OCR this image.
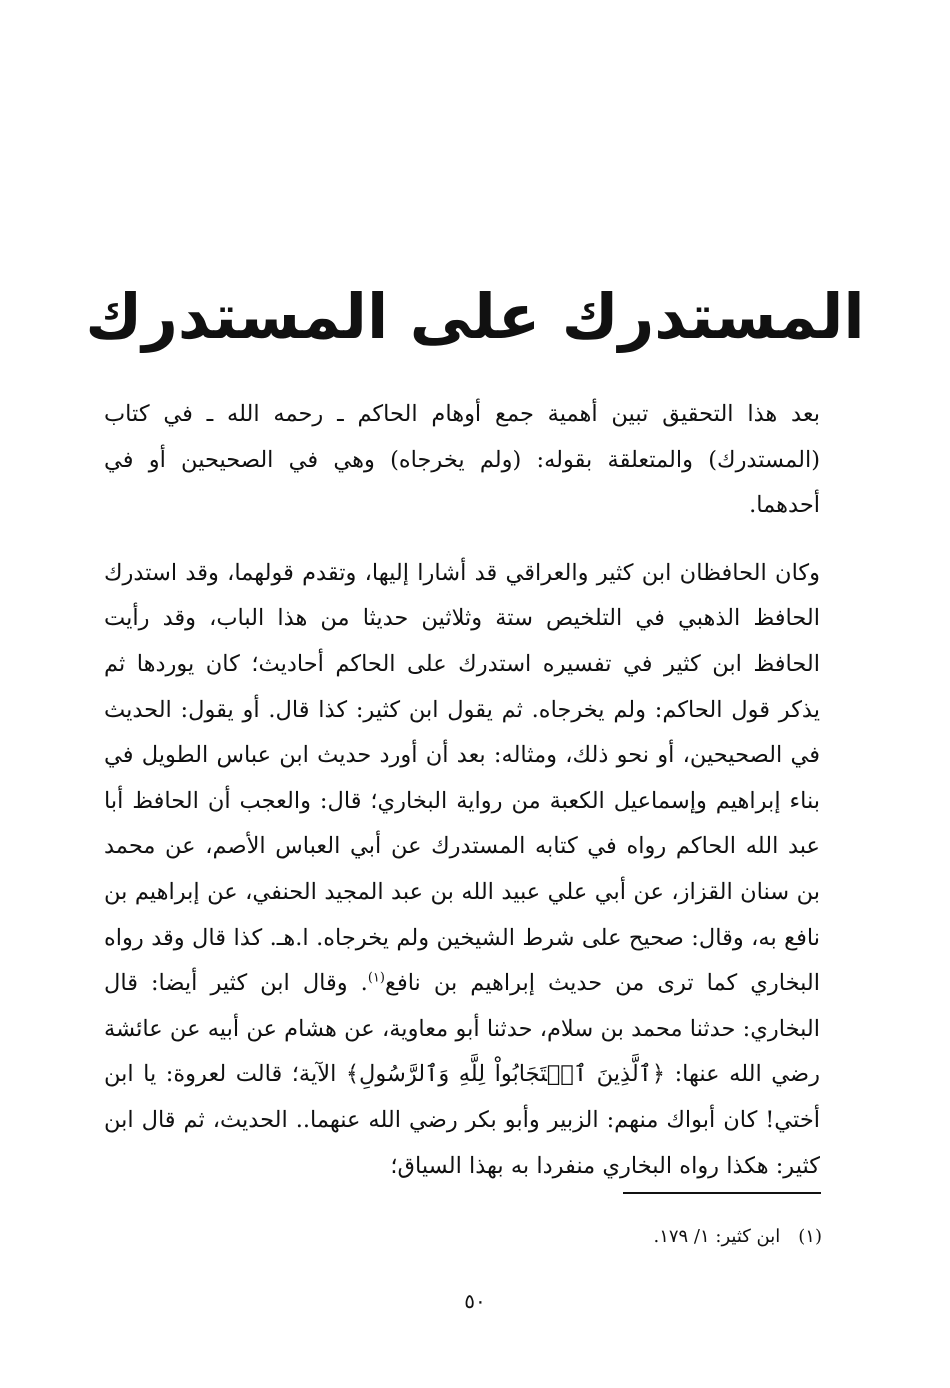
المستدرك على المستدرك

بعد هذا التحقيق تبين أهمية جمع أوهام الحاكم ـ رحمه الله ـ في كتاب (المستدرك) والمتعلقة بقوله: (ولم يخرجاه) وهي في الصحيحين أو في أحدهما.

وكان الحافظان ابن كثير والعراقي قد أشارا إليها، وتقدم قولهما، وقد استدرك الحافظ الذهبي في التلخيص ستة وثلاثين حديثا من هذا الباب، وقد رأيت الحافظ ابن كثير في تفسيره استدرك على الحاكم أحاديث؛ كان يوردها ثم يذكر قول الحاكم: ولم يخرجاه. ثم يقول ابن كثير: كذا قال. أو يقول: الحديث في الصحيحين، أو نحو ذلك، ومثاله: بعد أن أورد حديث ابن عباس الطويل في بناء إبراهيم وإسماعيل الكعبة من رواية البخاري؛ قال: والعجب أن الحافظ أبا عبد الله الحاكم رواه في كتابه المستدرك عن أبي العباس الأصم، عن محمد بن سنان القزاز، عن أبي علي عبيد الله بن عبد المجيد الحنفي، عن إبراهيم بن نافع به، وقال: صحيح على شرط الشيخين ولم يخرجاه. ا.هـ. كذا قال وقد رواه البخاري كما ترى من حديث إبراهيم بن نافع$^{(١)}$. وقال ابن كثير أيضا: قال البخاري: حدثنا محمد بن سلام، حدثنا أبو معاوية، عن هشام عن أبيه عن عائشة رضي الله عنها: ﴿ٱلَّذِينَ ٱسۡتَجَابُواْ لِلَّهِ وَٱلرَّسُولِ﴾ الآية؛ قالت لعروة: يا ابن أختي! كان أبواك منهم: الزبير وأبو بكر رضي الله عنهما.. الحديث، ثم قال ابن كثير: هكذا رواه البخاري منفردا به بهذا السياق؛

(١)ابن كثير: ١/ ١٧٩.
٥٠
